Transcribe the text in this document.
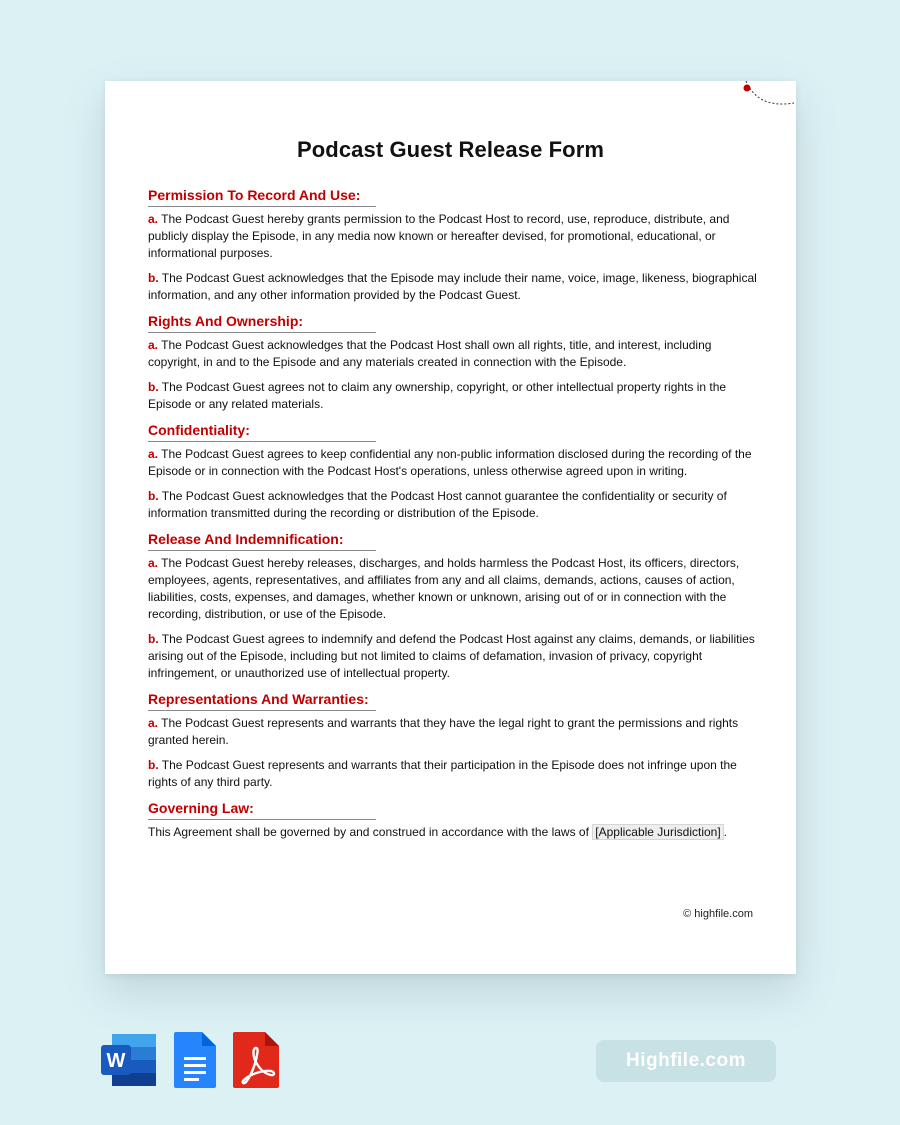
Podcast Guest Release Form
Permission To Record And Use:

a. The Podcast Guest hereby grants permission to the Podcast Host to record, use, reproduce, distribute, and publicly display the Episode, in any media now known or hereafter devised, for promotional, educational, or informational purposes.

b. The Podcast Guest acknowledges that the Episode may include their name, voice, image, likeness, biographical information, and any other information provided by the Podcast Guest.

Rights And Ownership:

a. The Podcast Guest acknowledges that the Podcast Host shall own all rights, title, and interest, including copyright, in and to the Episode and any materials created in connection with the Episode.

b. The Podcast Guest agrees not to claim any ownership, copyright, or other intellectual property rights in the Episode or any related materials.

Confidentiality:

a. The Podcast Guest agrees to keep confidential any non-public information disclosed during the recording of the Episode or in connection with the Podcast Host's operations, unless otherwise agreed upon in writing.

b. The Podcast Guest acknowledges that the Podcast Host cannot guarantee the confidentiality or security of information transmitted during the recording or distribution of the Episode.

Release And Indemnification:

a. The Podcast Guest hereby releases, discharges, and holds harmless the Podcast Host, its officers, directors, employees, agents, representatives, and affiliates from any and all claims, demands, actions, causes of action, liabilities, costs, expenses, and damages, whether known or unknown, arising out of or in connection with the recording, distribution, or use of the Episode.

b. The Podcast Guest agrees to indemnify and defend the Podcast Host against any claims, demands, or liabilities arising out of the Episode, including but not limited to claims of defamation, invasion of privacy, copyright infringement, or unauthorized use of intellectual property.

Representations And Warranties:

a. The Podcast Guest represents and warrants that they have the legal right to grant the permissions and rights granted herein.

b. The Podcast Guest represents and warrants that their participation in the Episode does not infringe upon the rights of any third party.

Governing Law:

This Agreement shall be governed by and construed in accordance with the laws of [Applicable Jurisdiction] .

© highfile.com
W	Highfile.com
